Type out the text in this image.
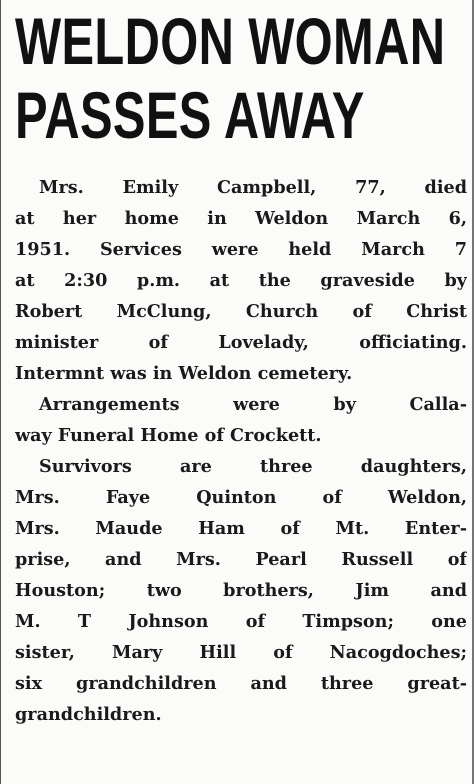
WELDON WOMAN
PASSES AWAY
Mrs. Emily Campbell, 77, died
at her home in Weldon March 6,
1951. Services were held March 7
at 2:30 p.m. at the graveside by
Robert McClung, Church of Christ
minister of Lovelady, officiating.
Intermnt was in Weldon cemetery.
Arrangements were by Calla-
way Funeral Home of Crockett.
Survivors are three daughters,
Mrs. Faye Quinton of Weldon,
Mrs. Maude Ham of Mt. Enter-
prise, and Mrs. Pearl Russell of
Houston; two brothers, Jim and
M. T Johnson of Timpson; one
sister, Mary Hill of Nacogdoches;
six grandchildren and three great-
grandchildren.
